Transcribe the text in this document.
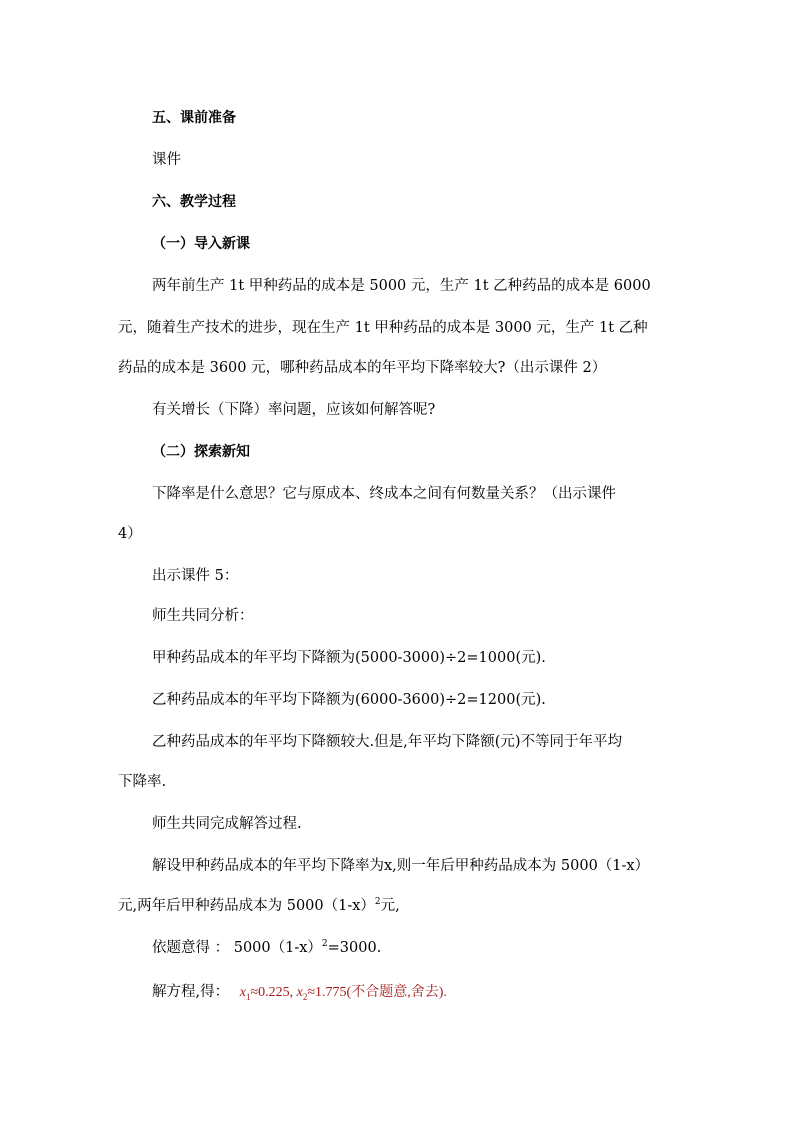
五、课前准备

课件

六、教学过程

（一）导入新课

两年前生产 1t 甲种药品的成本是 5000 元，生产 1t 乙种药品的成本是 6000

元，随着生产技术的进步，现在生产 1t 甲种药品的成本是 3000 元，生产 1t 乙种

药品的成本是 3600 元，哪种药品成本的年平均下降率较大?（出示课件 2）

有关增长（下降）率问题，应该如何解答呢?

（二）探索新知

下降率是什么意思？它与原成本、终成本之间有何数量关系？（出示课件

4）

出示课件 5：

师生共同分析：

甲种药品成本的年平均下降额为(5000-3000)÷2=1000(元).

乙种药品成本的年平均下降额为(6000-3600)÷2=1200(元).

乙种药品成本的年平均下降额较大.但是,年平均下降额(元)不等同于年平均

下降率.

师生共同完成解答过程.

解设甲种药品成本的年平均下降率为x,则一年后甲种药品成本为 5000（1-x）

元,两年后甲种药品成本为 $5000(1-x)^2$元,

依题意得 ： $5000(1-x)^2=3000$.

解方程,得： $x_1\approx 0.225$, $x_2\approx 1.775$(不合题意,舍去).
